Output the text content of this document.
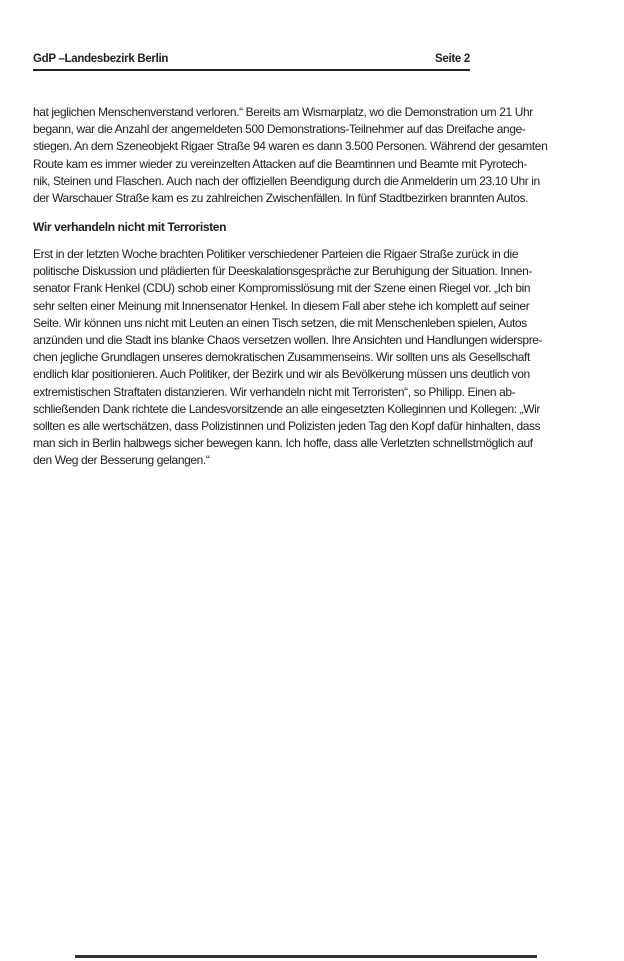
GdP –Landesbezirk Berlin	Seite 2
hat jeglichen Menschenverstand verloren.“ Bereits am Wismarplatz, wo die Demonstration um 21 Uhr
begann, war die Anzahl der angemeldeten 500 Demonstrations-Teilnehmer auf das Dreifache ange-
stiegen. An dem Szeneobjekt Rigaer Straße 94 waren es dann 3.500 Personen. Während der gesamten
Route kam es immer wieder zu vereinzelten Attacken auf die Beamtinnen und Beamte mit Pyrotech-
nik, Steinen und Flaschen. Auch nach der offiziellen Beendigung durch die Anmelderin um 23.10 Uhr in
der Warschauer Straße kam es zu zahlreichen Zwischenfällen. In fünf Stadtbezirken brannten Autos.
Wir verhandeln nicht mit Terroristen
Erst in der letzten Woche brachten Politiker verschiedener Parteien die Rigaer Straße zurück in die
politische Diskussion und plädierten für Deeskalationsgespräche zur Beruhigung der Situation. Innen-
senator Frank Henkel (CDU) schob einer Kompromisslösung mit der Szene einen Riegel vor. „Ich bin
sehr selten einer Meinung mit Innensenator Henkel. In diesem Fall aber stehe ich komplett auf seiner
Seite. Wir können uns nicht mit Leuten an einen Tisch setzen, die mit Menschenleben spielen, Autos
anzünden und die Stadt ins blanke Chaos versetzen wollen. Ihre Ansichten und Handlungen widerspre-
chen jegliche Grundlagen unseres demokratischen Zusammenseins. Wir sollten uns als Gesellschaft
endlich klar positionieren. Auch Politiker, der Bezirk und wir als Bevölkerung müssen uns deutlich von
extremistischen Straftaten distanzieren. Wir verhandeln nicht mit Terroristen“, so Philipp. Einen ab-
schließenden Dank richtete die Landesvorsitzende an alle eingesetzten Kolleginnen und Kollegen: „Wir
sollten es alle wertschätzen, dass Polizistinnen und Polizisten jeden Tag den Kopf dafür hinhalten, dass
man sich in Berlin halbwegs sicher bewegen kann. Ich hoffe, dass alle Verletzten schnellstmöglich auf
den Weg der Besserung gelangen.“
